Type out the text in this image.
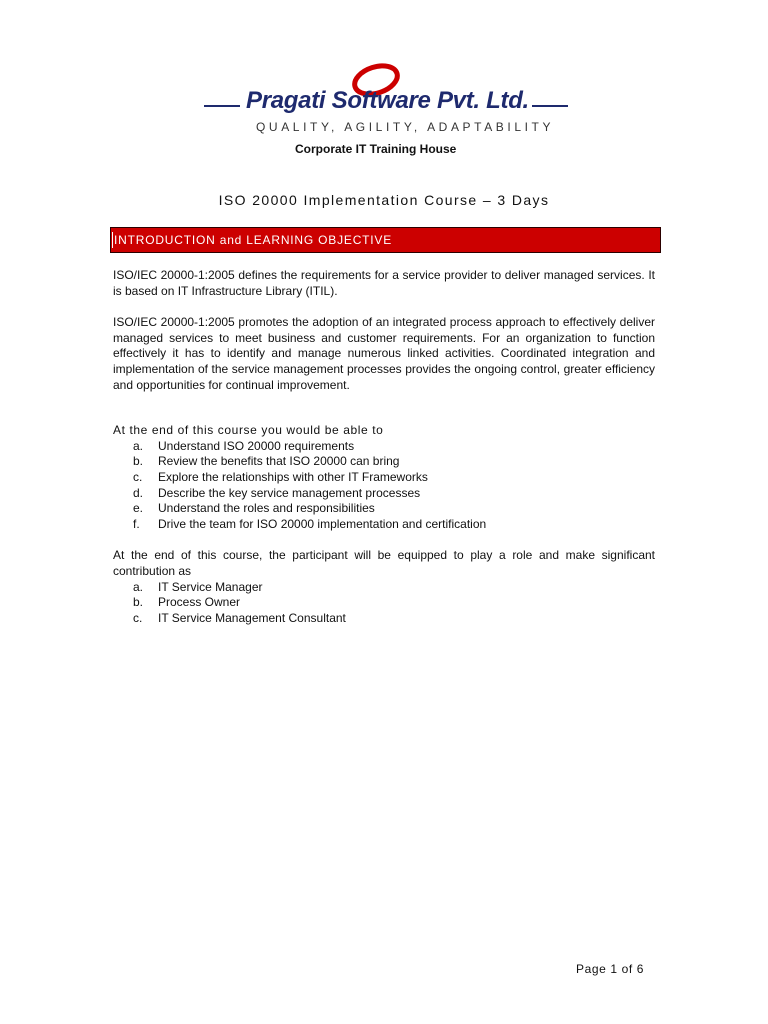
Pragati Software Pvt. Ltd.
QUALITY, AGILITY, ADAPTABILITY
Corporate IT Training House
ISO 20000 Implementation Course – 3 Days
INTRODUCTION and LEARNING OBJECTIVE

ISO/IEC 20000-1:2005 defines the requirements for a service provider to deliver managed services. It is based on IT Infrastructure Library (ITIL).

ISO/IEC 20000-1:2005 promotes the adoption of an integrated process approach to effectively deliver managed services to meet business and customer requirements. For an organization to function effectively it has to identify and manage numerous linked activities. Coordinated integration and implementation of the service management processes provides the ongoing control, greater efficiency and opportunities for continual improvement.

At the end of this course you would be able to

a.	Understand ISO 20000 requirements
b.	Review the benefits that ISO 20000 can bring
c.	Explore the relationships with other IT Frameworks
d.	Describe the key service management processes
e.	Understand the roles and responsibilities
f.	Drive the team for ISO 20000 implementation and certification

At the end of this course, the participant will be equipped to play a role and make significant contribution as

a.	IT Service Manager
b.	Process Owner
c.	IT Service Management Consultant
Page 1 of 6
